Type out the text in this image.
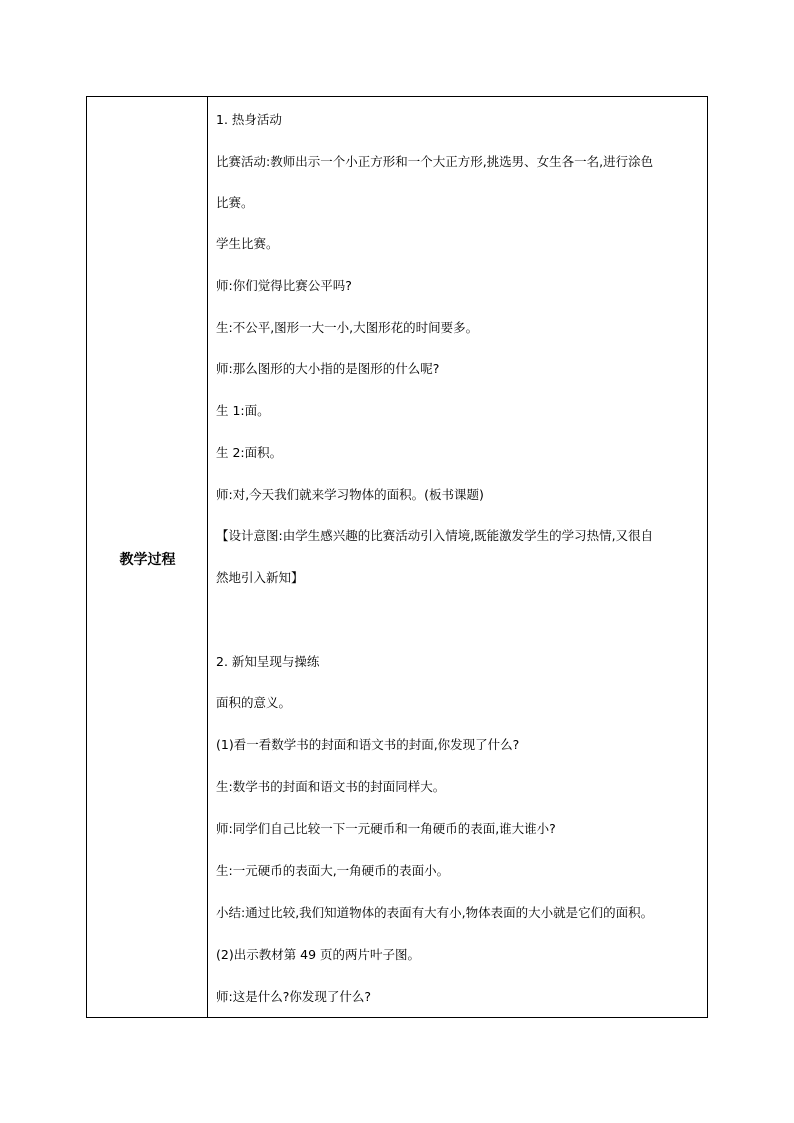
教学过程
1. 热身活动
比赛活动:教师出示一个小正方形和一个大正方形,挑选男、女生各一名,进行涂色
比赛。
学生比赛。
师:你们觉得比赛公平吗?
生:不公平,图形一大一小,大图形花的时间要多。
师:那么图形的大小指的是图形的什么呢?
生 1:面。
生 2:面积。
师:对,今天我们就来学习物体的面积。(板书课题)
【设计意图:由学生感兴趣的比赛活动引入情境,既能激发学生的学习热情,又很自
然地引入新知】
2. 新知呈现与操练
面积的意义。
(1)看一看数学书的封面和语文书的封面,你发现了什么?
生:数学书的封面和语文书的封面同样大。
师:同学们自己比较一下一元硬币和一角硬币的表面,谁大谁小?
生:一元硬币的表面大,一角硬币的表面小。
小结:通过比较,我们知道物体的表面有大有小,物体表面的大小就是它们的面积。
(2)出示教材第 49 页的两片叶子图。
师:这是什么?你发现了什么?
